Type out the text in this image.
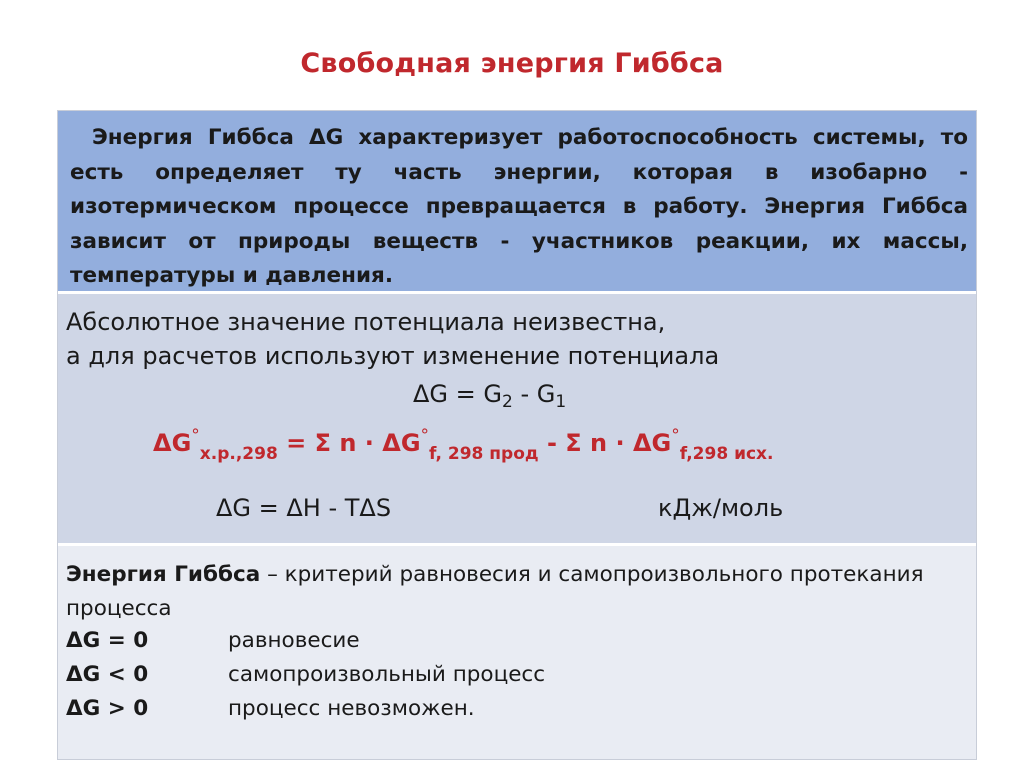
Свободная энергия Гиббса
Энергия Гиббса ΔG характеризует работоспособность системы, то есть определяет ту часть энергии, которая в изобарно - изотермическом процессе превращается в работу. Энергия Гиббса зависит от природы веществ - участников реакции, их массы, температуры и давления.
Абсолютное значение потенциала неизвестна,
а для расчетов используют изменение потенциала
$\Delta G = G_2 - G_1$
$\Delta G^\circ_{х.р.,298} = \Sigma$ $n \cdot \Delta G^\circ_{f, 298 прод} - \Sigma$ $n \cdot \Delta G^\circ_{f,298 исх.}$
ΔG = ΔH - TΔS	кДж/моль
Энергия Гиббса – критерий равновесия и самопроизвольного протекания процесса
ΔG = 0	равновесие
ΔG < 0	самопроизвольный процесс
ΔG > 0	процесс невозможен.
